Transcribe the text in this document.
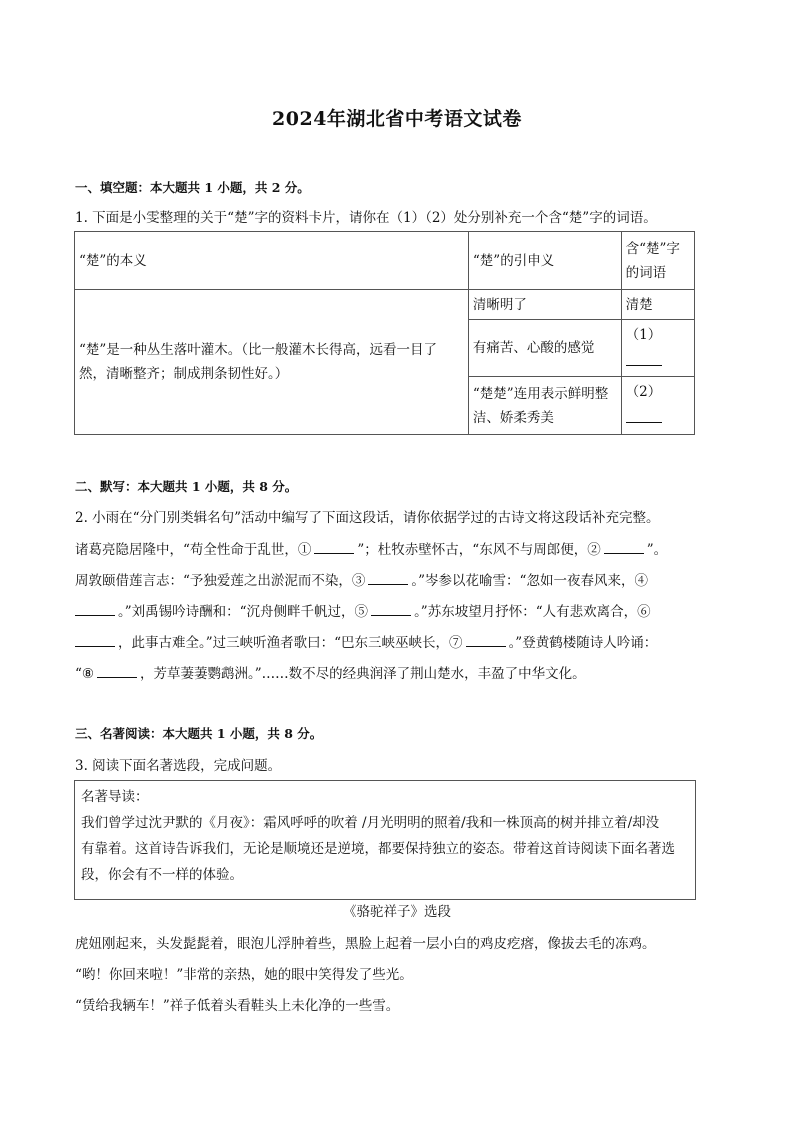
2024年湖北省中考语文试卷
一、填空题：本大题共 1 小题，共 2 分。
1. 下面是小雯整理的关于“楚”字的资料卡片，请你在（1）（2）处分别补充一个含“楚”字的词语。
“楚”的本义	“楚”的引申义	含“楚”字的词语
“楚”是一种丛生落叶灌木。（比一般灌木长得高，远看一目了然，清晰整齐；制成荆条韧性好。）	清晰明了	清楚
	有痛苦、心酸的感觉	（1）

	“楚楚”连用表示鲜明整洁、娇柔秀美	（2）

二、默写：本大题共 1 小题，共 8 分。
2. 小雨在“分门别类辑名句”活动中编写了下面这段话，请你依据学过的古诗文将这段话补充完整。
诸葛亮隐居隆中，“苟全性命于乱世，①	”；杜牧赤壁怀古，“东风不与周郎便，②	”。
周敦颐借莲言志：“予独爱莲之出淤泥而不染，③	。”岑参以花喻雪：“忽如一夜春风来，④
。”刘禹锡吟诗酬和：“沉舟侧畔千帆过，⑤	。”苏东坡望月抒怀：“人有悲欢离合，⑥
，此事古难全。”过三峡听渔者歌曰：“巴东三峡巫峡长，⑦	。”登黄鹤楼随诗人吟诵：
“⑧	，芳草萋萋鹦鹉洲。”……数不尽的经典润泽了荆山楚水，丰盈了中华文化。
三、名著阅读：本大题共 1 小题，共 8 分。
3. 阅读下面名著选段，完成问题。
名著导读：
我们曾学过沈尹默的《月夜》：霜风呼呼的吹着 /月光明明的照着/我和一株顶高的树并排立着/却没
有靠着。这首诗告诉我们，无论是顺境还是逆境，都要保持独立的姿态。带着这首诗阅读下面名著选
段，你会有不一样的体验。
《骆驼祥子》选段
虎妞刚起来，头发髭髭着，眼泡儿浮肿着些，黑脸上起着一层小白的鸡皮疙瘩，像拔去毛的冻鸡。
“哟！你回来啦！”非常的亲热，她的眼中笑得发了些光。
“赁给我辆车！”祥子低着头看鞋头上未化净的一些雪。
